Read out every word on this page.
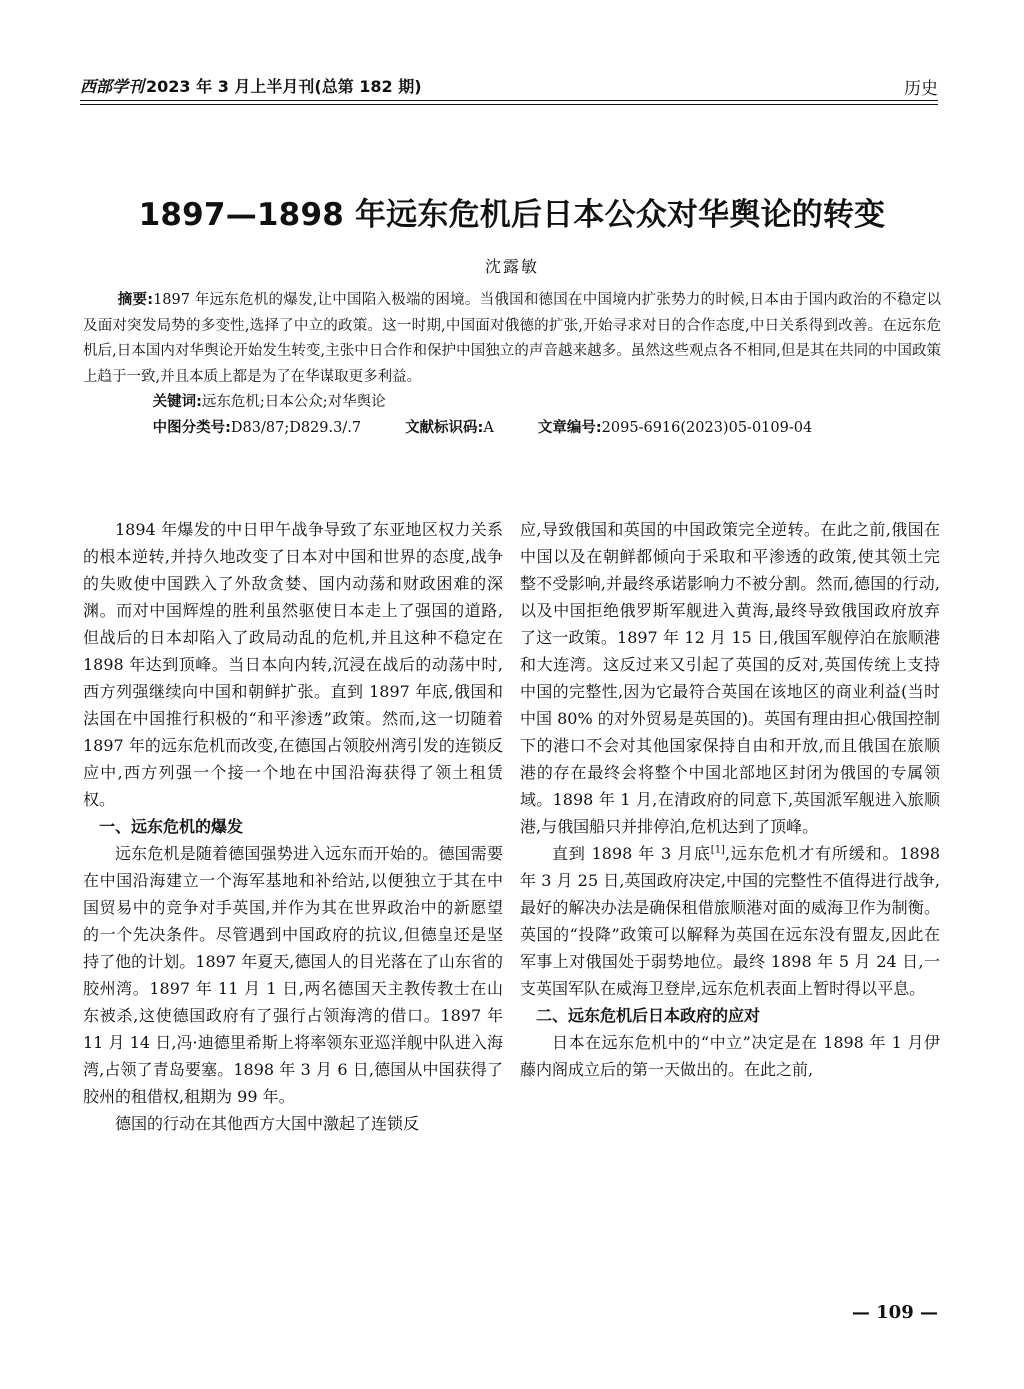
西部学刊 2023 年 3 月上半月刊(总第 182 期)	历史
1897—1898 年远东危机后日本公众对华舆论的转变
沈露敏

摘要:1897 年远东危机的爆发,让中国陷入极端的困境。当俄国和德国在中国境内扩张势力的时候,日本由于国内政治的不稳定以及面对突发局势的多变性,选择了中立的政策。这一时期,中国面对俄德的扩张,开始寻求对日的合作态度,中日关系得到改善。在远东危机后,日本国内对华舆论开始发生转变,主张中日合作和保护中国独立的声音越来越多。虽然这些观点各不相同,但是其在共同的中国政策上趋于一致,并且本质上都是为了在华谋取更多利益。

关键词:远东危机;日本公众;对华舆论

中图分类号:D83/87;D829.3/.7	文献标识码:A	文章编号:2095-6916(2023)05-0109-04

1894 年爆发的中日甲午战争导致了东亚地区权力关系的根本逆转,并持久地改变了日本对中国和世界的态度,战争的失败使中国跌入了外敌贪婪、国内动荡和财政困难的深渊。而对中国辉煌的胜利虽然驱使日本走上了强国的道路,但战后的日本却陷入了政局动乱的危机,并且这种不稳定在 1898 年达到顶峰。当日本向内转,沉浸在战后的动荡中时,西方列强继续向中国和朝鲜扩张。直到 1897 年底,俄国和法国在中国推行积极的“和平渗透”政策。然而,这一切随着 1897 年的远东危机而改变,在德国占领胶州湾引发的连锁反应中,西方列强一个接一个地在中国沿海获得了领土租赁权。

一、远东危机的爆发

远东危机是随着德国强势进入远东而开始的。德国需要在中国沿海建立一个海军基地和补给站,以便独立于其在中国贸易中的竞争对手英国,并作为其在世界政治中的新愿望的一个先决条件。尽管遇到中国政府的抗议,但德皇还是坚持了他的计划。1897 年夏天,德国人的目光落在了山东省的胶州湾。1897 年 11 月 1 日,两名德国天主教传教士在山东被杀,这使德国政府有了强行占领海湾的借口。1897 年 11 月 14 日,冯·迪德里希斯上将率领东亚巡洋舰中队进入海湾,占领了青岛要塞。1898 年 3 月 6 日,德国从中国获得了胶州的租借权,租期为 99 年。

德国的行动在其他西方大国中激起了连锁反

应,导致俄国和英国的中国政策完全逆转。在此之前,俄国在中国以及在朝鲜都倾向于采取和平渗透的政策,使其领土完整不受影响,并最终承诺影响力不被分割。然而,德国的行动,以及中国拒绝俄罗斯军舰进入黄海,最终导致俄国政府放弃了这一政策。1897 年 12 月 15 日,俄国军舰停泊在旅顺港和大连湾。这反过来又引起了英国的反对,英国传统上支持中国的完整性,因为它最符合英国在该地区的商业利益(当时中国 80% 的对外贸易是英国的)。英国有理由担心俄国控制下的港口不会对其他国家保持自由和开放,而且俄国在旅顺港的存在最终会将整个中国北部地区封闭为俄国的专属领域。1898 年 1 月,在清政府的同意下,英国派军舰进入旅顺港,与俄国船只并排停泊,危机达到了顶峰。

直到 1898 年 3 月底[1],远东危机才有所缓和。1898 年 3 月 25 日,英国政府决定,中国的完整性不值得进行战争,最好的解决办法是确保租借旅顺港对面的威海卫作为制衡。英国的“投降”政策可以解释为英国在远东没有盟友,因此在军事上对俄国处于弱势地位。最终 1898 年 5 月 24 日,一支英国军队在威海卫登岸,远东危机表面上暂时得以平息。

二、远东危机后日本政府的应对

日本在远东危机中的“中立”决定是在 1898 年 1 月伊藤内阁成立后的第一天做出的。在此之前,

— 109 —
